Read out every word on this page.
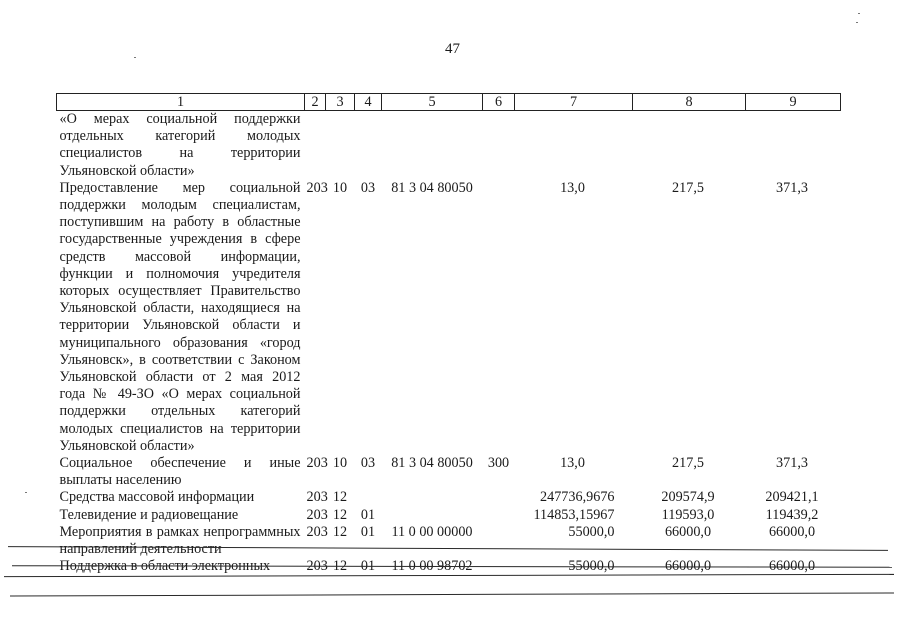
47
1	2	3	4	5	6	7	8	9
«О мерах социальной поддержки отдельных категорий молодых специалистов на территории Ульяновской области»								
Предоставление мер социальной поддержки молодым специалистам, поступившим на работу в областные государственные учреждения в сфере средств массовой информации, функции и полномочия учредителя которых осуществляет Правительство Ульяновской области, находящиеся на территории Ульяновской области и муниципального образования «город Ульяновск», в соответствии с Законом Ульяновской области от 2 мая 2012 года № 49-ЗО «О мерах социальной поддержки отдельных категорий молодых специалистов на территории Ульяновской области»	203	10	03	81 3 04 80050		13,0	217,5	371,3
Социальное обеспечение и иные выплаты населению	203	10	03	81 3 04 80050	300	13,0	217,5	371,3
Средства массовой информации	203	12				247736,9676	209574,9	209421,1
Телевидение и радиовещание	203	12	01			114853,15967	119593,0	119439,2
Мероприятия в рамках непрограммных направлений деятельности	203	12	01	11 0 00 00000		55000,0	66000,0	66000,0
Поддержка в области электронных	203	12	01	11 0 00 98702		55000,0	66000,0	66000,0
